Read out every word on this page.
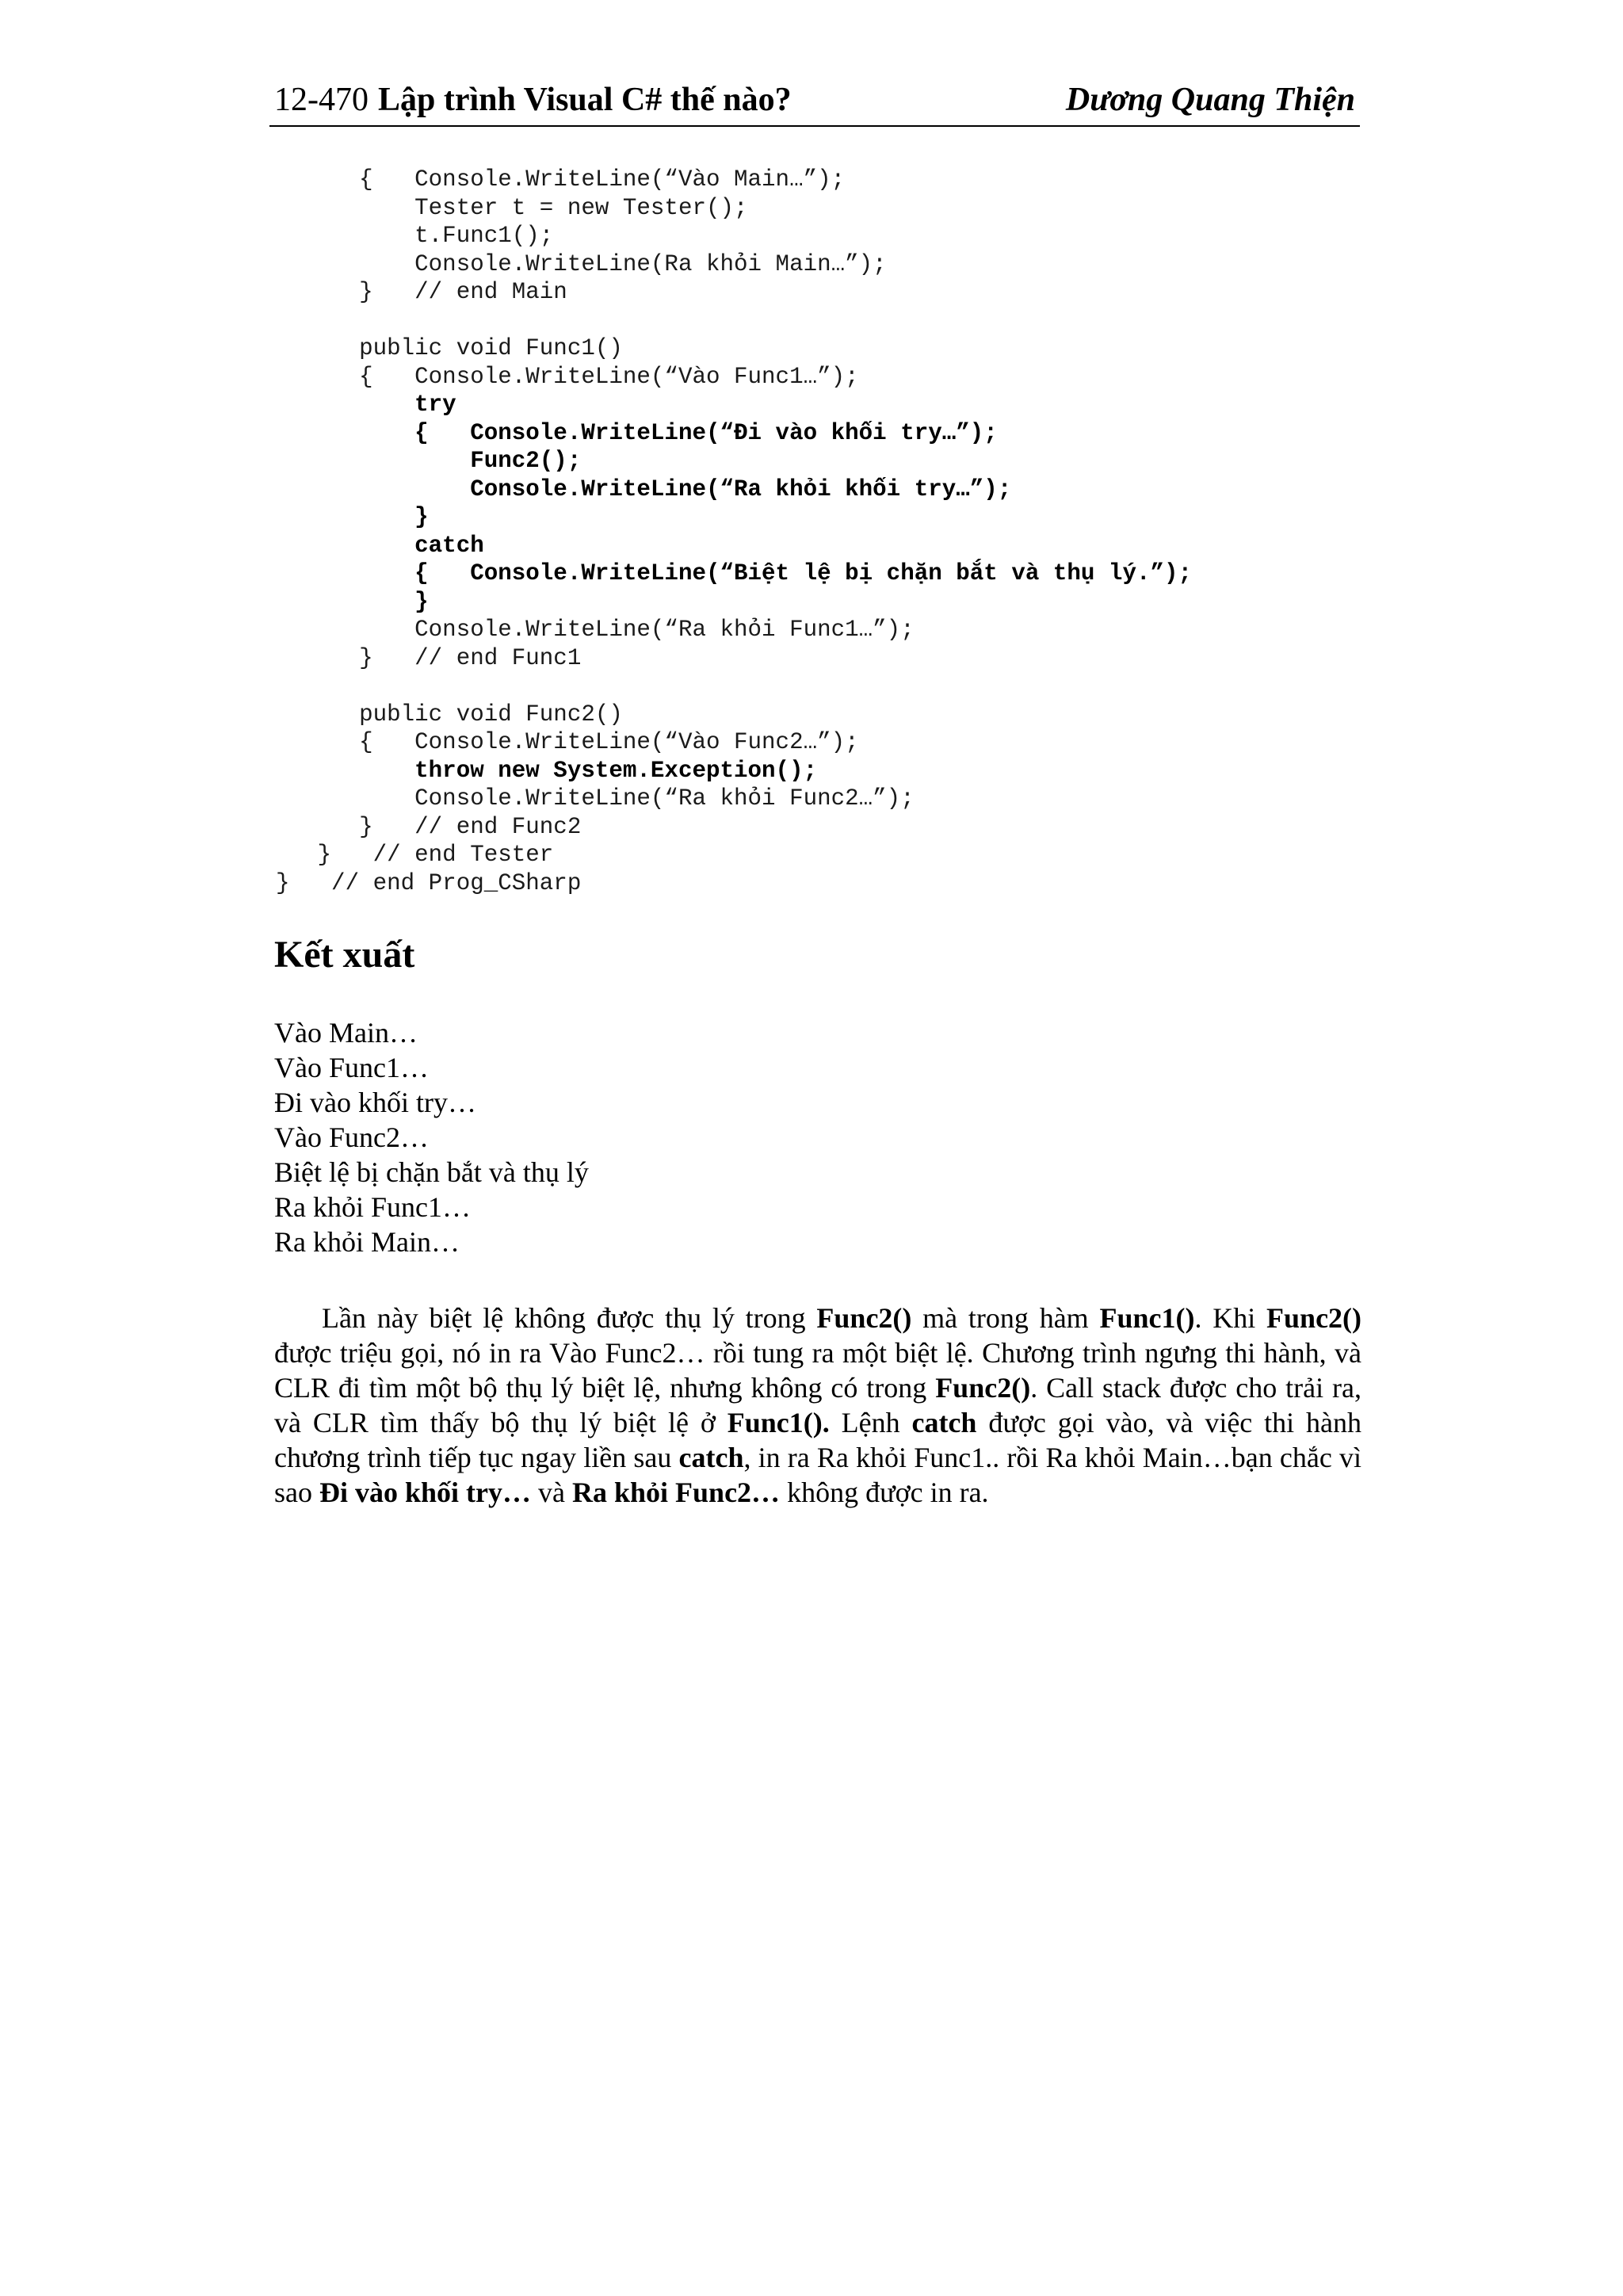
12-470 Lập trình Visual C# thế nào?	Dương Quang Thiện
{   Console.WriteLine(“Vào Main…”);
Tester t = new Tester();
t.Func1();
Console.WriteLine(Ra khỏi Main…”);
}   // end Main
public void Func1()
{   Console.WriteLine(“Vào Func1…”);
try
{   Console.WriteLine(“Đi vào khối try…”);
Func2();
Console.WriteLine(“Ra khỏi khối try…”);
}
catch
{   Console.WriteLine(“Biệt lệ bị chặn bắt và thụ lý.”);
}
Console.WriteLine(“Ra khỏi Func1…”);
}   // end Func1
public void Func2()
{   Console.WriteLine(“Vào Func2…”);
throw new System.Exception();
Console.WriteLine(“Ra khỏi Func2…”);
}   // end Func2
}   // end Tester
}   // end Prog_CSharp
Kết xuất
Vào Main…
Vào Func1…
Đi vào khối try…
Vào Func2…
Biệt lệ bị chặn bắt và thụ lý
Ra khỏi Func1…
Ra khỏi Main…
Lần này biệt lệ không được thụ lý trong Func2() mà trong hàm Func1(). Khi Func2() được triệu gọi, nó in ra Vào Func2… rồi tung ra một biệt lệ. Chương trình ngưng thi hành, và CLR đi tìm một bộ thụ lý biệt lệ, nhưng không có trong Func2(). Call stack được cho trải ra, và CLR tìm thấy bộ thụ lý biệt lệ ở Func1(). Lệnh catch được gọi vào, và việc thi hành chương trình tiếp tục ngay liền sau catch, in ra Ra khỏi Func1.. rồi Ra khỏi Main…bạn chắc vì sao Đi vào khối try… và Ra khỏi Func2… không được in ra.
